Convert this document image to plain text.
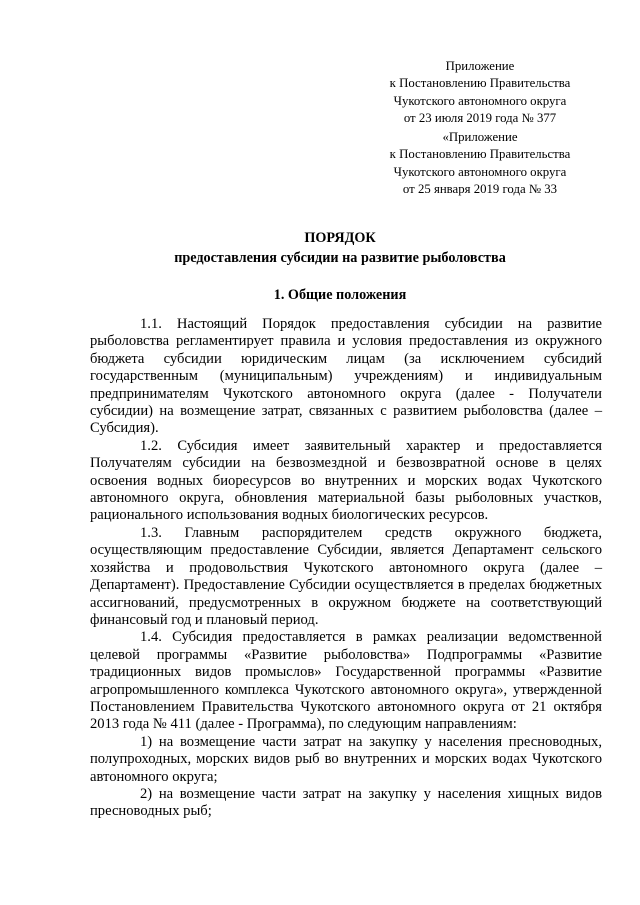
Приложение
к Постановлению Правительства
Чукотского автономного округа
от 23 июля 2019 года № 377
«Приложение
к Постановлению Правительства
Чукотского автономного округа
от 25 января 2019 года № 33
ПОРЯДОК
предоставления субсидии на развитие рыболовства
1. Общие положения

1.1. Настоящий Порядок предоставления субсидии на развитие рыболовства регламентирует правила и условия предоставления из окружного бюджета субсидии юридическим лицам (за исключением субсидий государственным (муниципальным) учреждениям) и индивидуальным предпринимателям Чукотского автономного округа (далее - Получатели субсидии) на возмещение затрат, связанных с развитием рыболовства (далее – Субсидия).

1.2. Субсидия имеет заявительный характер и предоставляется Получателям субсидии на безвозмездной и безвозвратной основе в целях освоения водных биоресурсов во внутренних и морских водах Чукотского автономного округа, обновления материальной базы рыболовных участков, рационального использования водных биологических ресурсов.

1.3. Главным распорядителем средств окружного бюджета, осуществляющим предоставление Субсидии, является Департамент сельского хозяйства и продовольствия Чукотского автономного округа (далее – Департамент). Предоставление Субсидии осуществляется в пределах бюджетных ассигнований, предусмотренных в окружном бюджете на соответствующий финансовый год и плановый период.

1.4. Субсидия предоставляется в рамках реализации ведомственной целевой программы «Развитие рыболовства» Подпрограммы «Развитие традиционных видов промыслов» Государственной программы «Развитие агропромышленного комплекса Чукотского автономного округа», утвержденной Постановлением Правительства Чукотского автономного округа от 21 октября 2013 года № 411 (далее - Программа), по следующим направлениям:

1) на возмещение части затрат на закупку у населения пресноводных, полупроходных, морских видов рыб во внутренних и морских водах Чукотского автономного округа;

2) на возмещение части затрат на закупку у населения хищных видов пресноводных рыб;
